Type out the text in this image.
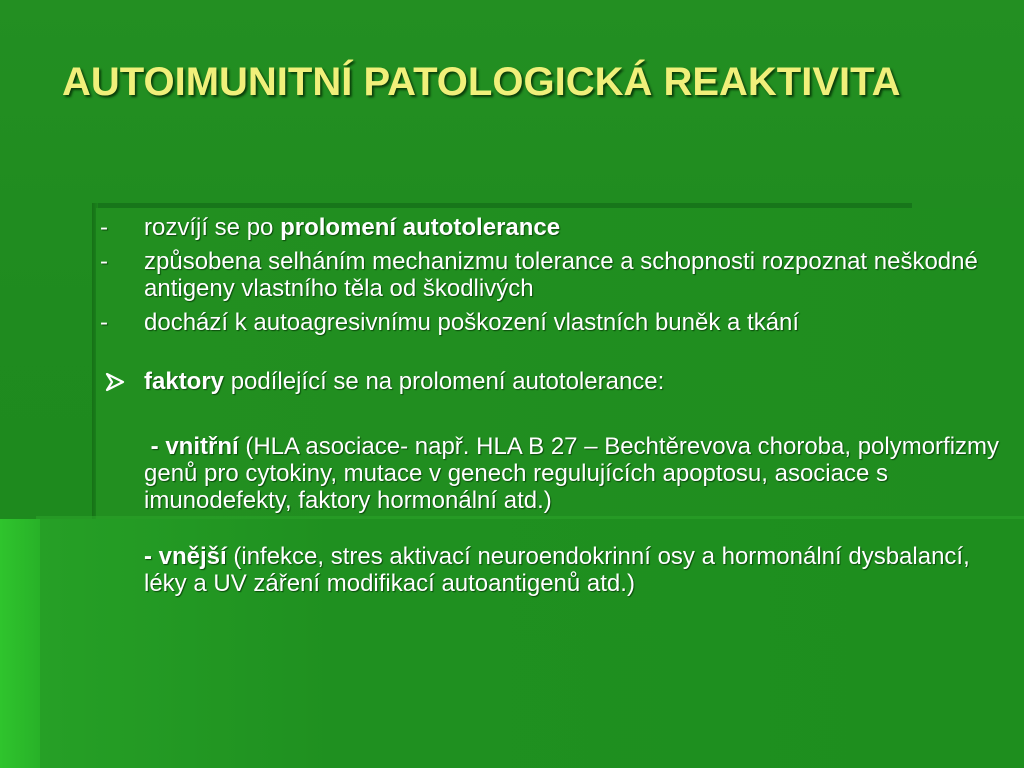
AUTOIMUNITNÍ PATOLOGICKÁ REAKTIVITA

-	rozvíjí se po prolomení autotolerance

-	způsobena selháním mechanizmu tolerance a schopnosti rozpoznat neškodné antigeny vlastního těla od škodlivých

-	dochází k autoagresivnímu poškození vlastních buněk a tkání

faktory podílející se na prolomení autotolerance:

- vnitřní (HLA asociace- např. HLA B 27 – Bechtěrevova choroba, polymorfizmy genů pro cytokiny, mutace v genech regulujících apoptosu, asociace s imunodefekty, faktory hormonální atd.)

- vnější (infekce, stres aktivací neuroendokrinní osy a hormonální dysbalancí, léky a UV záření modifikací autoantigenů atd.)
